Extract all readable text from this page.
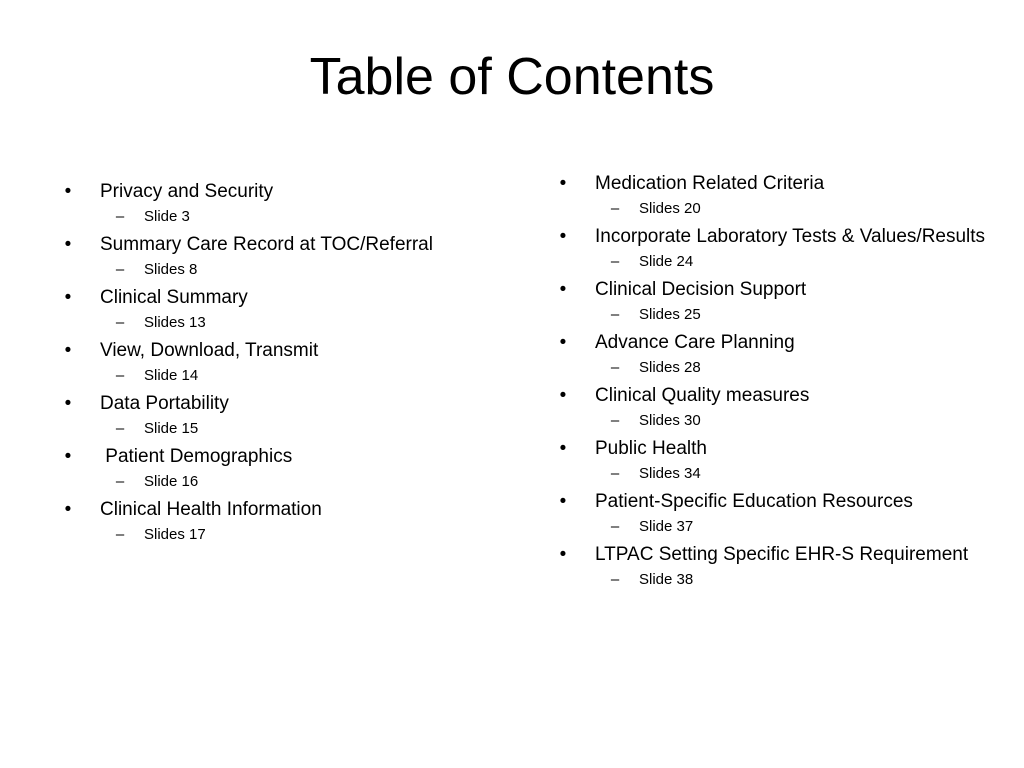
Table of Contents
•	Privacy and Security
–	Slide 3
•	Summary Care Record at TOC/Referral
–	Slides 8
•	Clinical Summary
–	Slides 13
•	View, Download, Transmit
–	Slide 14
•	Data Portability
–	Slide 15
•	Patient Demographics
–	Slide 16
•	Clinical Health Information
–	Slides 17
•	Medication Related Criteria
–	Slides 20
•	Incorporate Laboratory Tests & Values/Results
–	Slide 24
•	Clinical Decision Support
–	Slides 25
•	Advance Care Planning
–	Slides 28
•	Clinical Quality measures
–	Slides 30
•	Public Health
–	Slides 34
•	Patient-Specific Education Resources
–	Slide 37
•	LTPAC Setting Specific EHR-S Requirement
–	Slide 38
